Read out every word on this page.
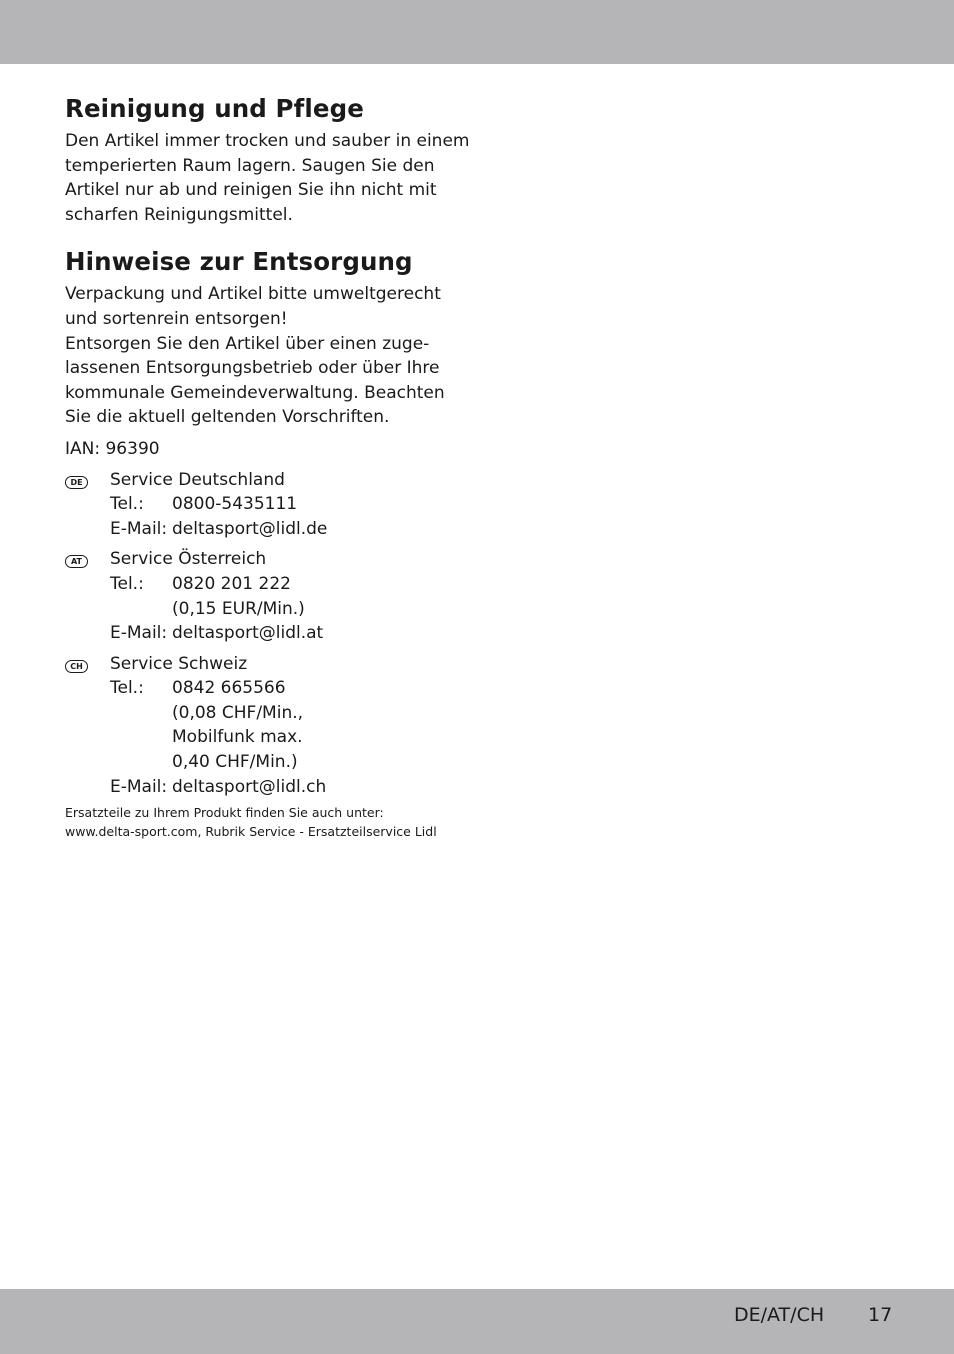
Reinigung und Pflege
Den Artikel immer trocken und sauber in einem
temperierten Raum lagern. Saugen Sie den
Artikel nur ab und reinigen Sie ihn nicht mit
scharfen Reinigungsmittel.
Hinweise zur Entsorgung
Verpackung und Artikel bitte umweltgerecht
und sortenrein entsorgen!
Entsorgen Sie den Artikel über einen zuge-
lassenen Entsorgungsbetrieb oder über Ihre
kommunale Gemeindeverwaltung. Beachten
Sie die aktuell geltenden Vorschriften.
IAN: 96390
DE	Service Deutschland
Tel.:	0800-5435111
E-Mail: deltasport@lidl.de
AT	Service Österreich
Tel.:	0820 201 222
(0,15 EUR/Min.)
E-Mail: deltasport@lidl.at
CH	Service Schweiz
Tel.:	0842 665566
(0,08 CHF/Min.,
Mobilfunk max.
0,40 CHF/Min.)
E-Mail: deltasport@lidl.ch
Ersatzteile zu Ihrem Produkt finden Sie auch unter:
www.delta-sport.com, Rubrik Service - Ersatzteilservice Lidl
DE/AT/CH 17
